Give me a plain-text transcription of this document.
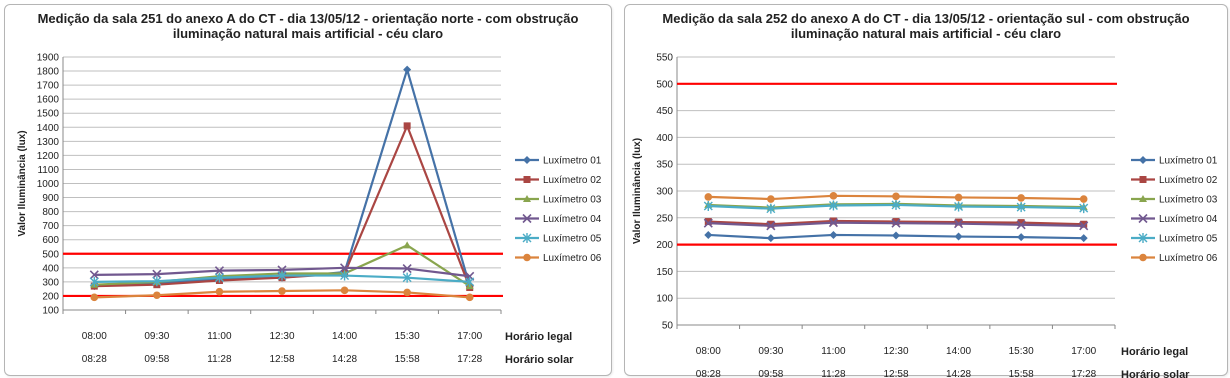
Medição da sala 251 do anexo A do CT - dia 13/05/12 - orientação norte - com obstrução
iluminação natural mais artificial - céu claro
100
200
300
400
500
600
700
800
900
1000
1100
1200
1300
1400
1500
1600
1700
1800
1900
Valor Iluminância (lux)
08:00	09:30	11:00	12:30	14:00	15:30	17:00
08:28	09:58	11:28	12:58	14:28	15:58	17:28
Horário legal
Horário solar
Luxímetro 01
Luxímetro 02
Luxímetro 03
Luxímetro 04
Luxímetro 05
Luxímetro 06
Medição da sala 252 do anexo A do CT - dia 13/05/12 - orientação sul - com obstrução
iluminação natural mais artificial - céu claro
50
100
150
200
250
300
350
400
450
500
550
Valor Iluminância (lux)
08:00	09:30	11:00	12:30	14:00	15:30	17:00
08:28	09:58	11:28	12:58	14:28	15:58	17:28
Horário legal
Horário solar
Luxímetro 01
Luxímetro 02
Luxímetro 03
Luxímetro 04
Luxímetro 05
Luxímetro 06
